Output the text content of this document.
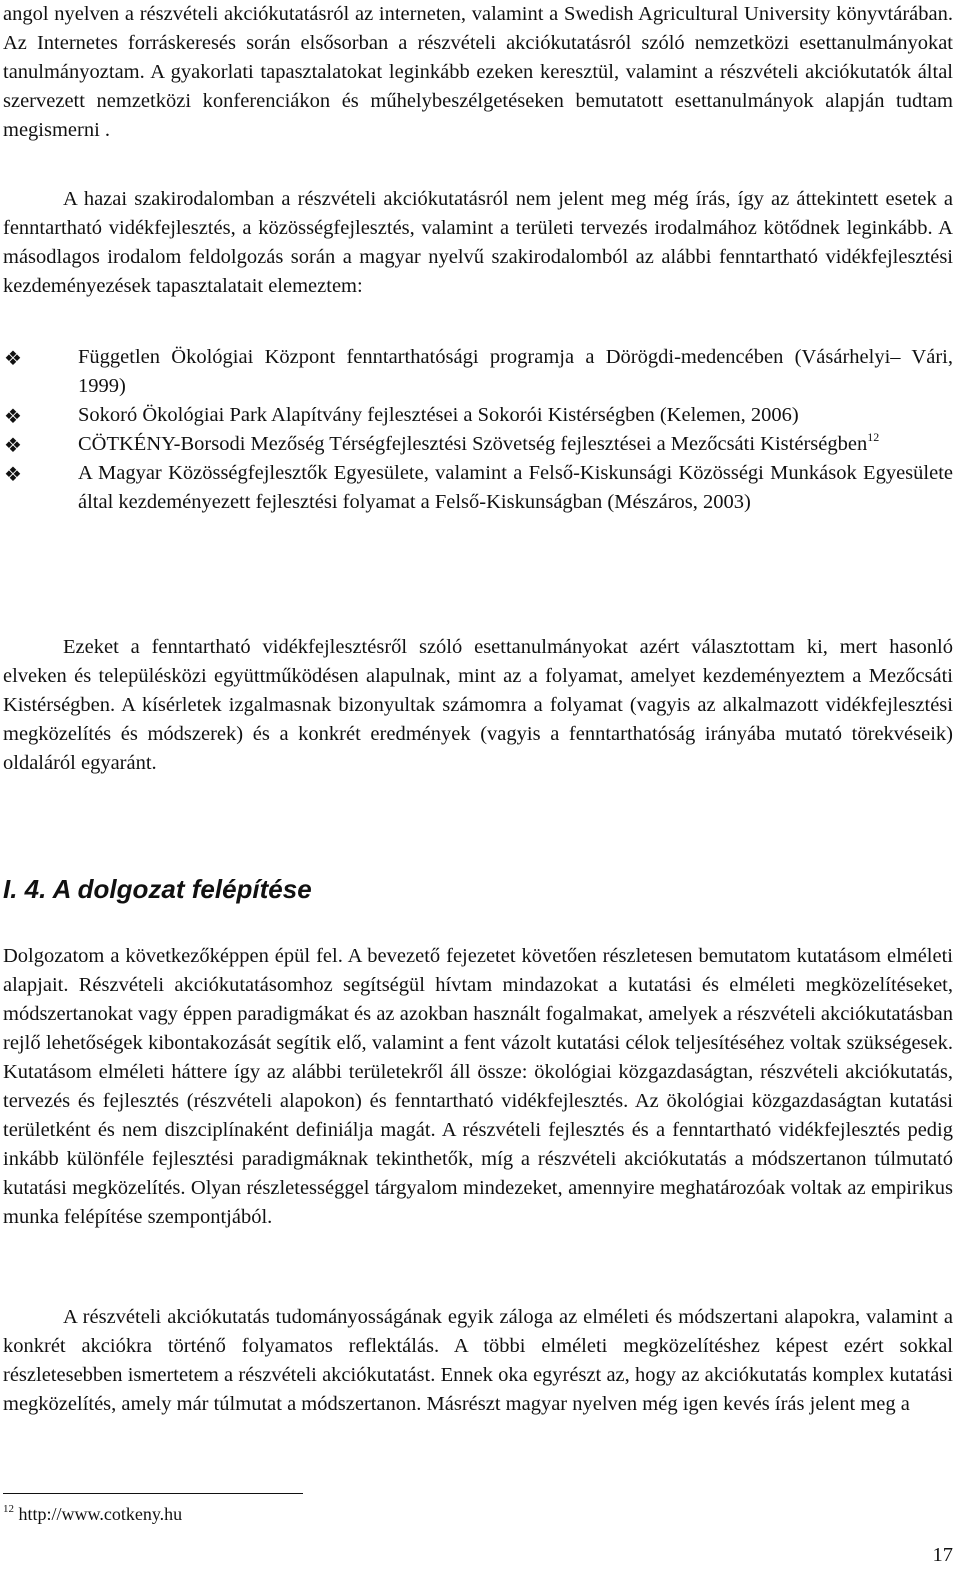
angol nyelven a részvételi akciókutatásról az interneten, valamint a Swedish Agricultural University könyvtárában. Az Internetes forráskeresés során elsősorban a részvételi akciókutatásról szóló nemzetközi esettanulmányokat tanulmányoztam. A gyakorlati tapasztalatokat leginkább ezeken keresztül, valamint a részvételi akciókutatók által szervezett nemzetközi konferenciákon és műhelybeszélgetéseken bemutatott esettanulmányok alapján tudtam megismerni .

A hazai szakirodalomban a részvételi akciókutatásról nem jelent meg még írás, így az áttekintett esetek a fenntartható vidékfejlesztés, a közösségfejlesztés, valamint a területi tervezés irodalmához kötődnek leginkább. A másodlagos irodalom feldolgozás során a magyar nyelvű szakirodalomból az alábbi fenntartható vidékfejlesztési kezdeményezések tapasztalatait elemeztem:

❖	Független Ökológiai Központ fenntarthatósági programja a Dörögdi-medencében (Vásárhelyi– Vári, 1999)
❖	Sokoró Ökológiai Park Alapítvány fejlesztései a Sokorói Kistérségben (Kelemen, 2006)
❖	CÖTKÉNY-Borsodi Mezőség Térségfejlesztési Szövetség fejlesztései a Mezőcsáti Kistérségben$^{12}$
❖	A Magyar Közösségfejlesztők Egyesülete, valamint a Felső-Kiskunsági Közösségi Munkások Egyesülete által kezdeményezett fejlesztési folyamat a Felső-Kiskunságban (Mészáros, 2003)

Ezeket a fenntartható vidékfejlesztésről szóló esettanulmányokat azért választottam ki, mert hasonló elveken és településközi együttműködésen alapulnak, mint az a folyamat, amelyet kezdeményeztem a Mezőcsáti Kistérségben. A kísérletek izgalmasnak bizonyultak számomra a folyamat (vagyis az alkalmazott vidékfejlesztési megközelítés és módszerek) és a konkrét eredmények (vagyis a fenntarthatóság irányába mutató törekvéseik) oldaláról egyaránt.

I. 4. A dolgozat felépítése

Dolgozatom a következőképpen épül fel. A bevezető fejezetet követően részletesen bemutatom kutatásom elméleti alapjait. Részvételi akciókutatásomhoz segítségül hívtam mindazokat a kutatási és elméleti megközelítéseket, módszertanokat vagy éppen paradigmákat és az azokban használt fogalmakat, amelyek a részvételi akciókutatásban rejlő lehetőségek kibontakozását segítik elő, valamint a fent vázolt kutatási célok teljesítéséhez voltak szükségesek. Kutatásom elméleti háttere így az alábbi területekről áll össze: ökológiai közgazdaságtan, részvételi akciókutatás, tervezés és fejlesztés (részvételi alapokon) és fenntartható vidékfejlesztés. Az ökológiai közgazdaságtan kutatási területként és nem diszciplínaként definiálja magát. A részvételi fejlesztés és a fenntartható vidékfejlesztés pedig inkább különféle fejlesztési paradigmáknak tekinthetők, míg a részvételi akciókutatás a módszertanon túlmutató kutatási megközelítés. Olyan részletességgel tárgyalom mindezeket, amennyire meghatározóak voltak az empirikus munka felépítése szempontjából.

A részvételi akciókutatás tudományosságának egyik záloga az elméleti és módszertani alapokra, valamint a konkrét akciókra történő folyamatos reflektálás. A többi elméleti megközelítéshez képest ezért sokkal részletesebben ismertetem a részvételi akciókutatást. Ennek oka egyrészt az, hogy az akciókutatás komplex kutatási megközelítés, amely már túlmutat a módszertanon. Másrészt magyar nyelven még igen kevés írás jelent meg a

$^{12}$ http://www.cotkeny.hu
17
